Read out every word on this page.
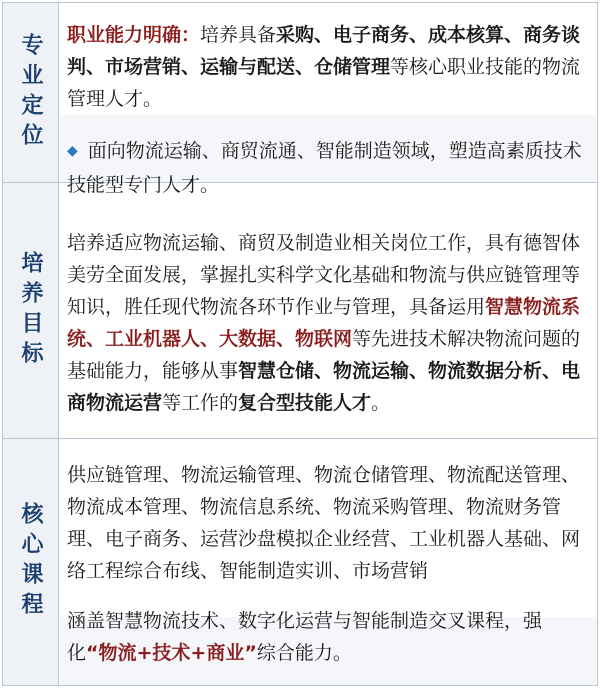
专业定位 职业能力明确：培养具备采购、电子商务、成本核算、商务谈判、市场营销、运输与配送、仓储管理等核心职业技能的物流管理人才。

◆ 面向物流运输、商贸流通、智能制造领域，塑造高素质技术技能型专门人才。

培养目标

培养适应物流运输、商贸及制造业相关岗位工作，具有德智体美劳全面发展，掌握扎实科学文化基础和物流与供应链管理等知识，胜任现代物流各环节作业与管理，具备运用智慧物流系统、工业机器人、大数据、物联网等先进技术解决物流问题的基础能力，能够从事智慧仓储、物流运输、物流数据分析、电商物流运营等工作的复合型技能人才。

核心课程

供应链管理、物流运输管理、物流仓储管理、物流配送管理、物流成本管理、物流信息系统、物流采购管理、物流财务管理、电子商务、运营沙盘模拟企业经营、工业机器人基础、网络工程综合布线、智能制造实训、市场营销

涵盖智慧物流技术、数字化运营与智能制造交叉课程，强化“物流+技术+商业”综合能力。
